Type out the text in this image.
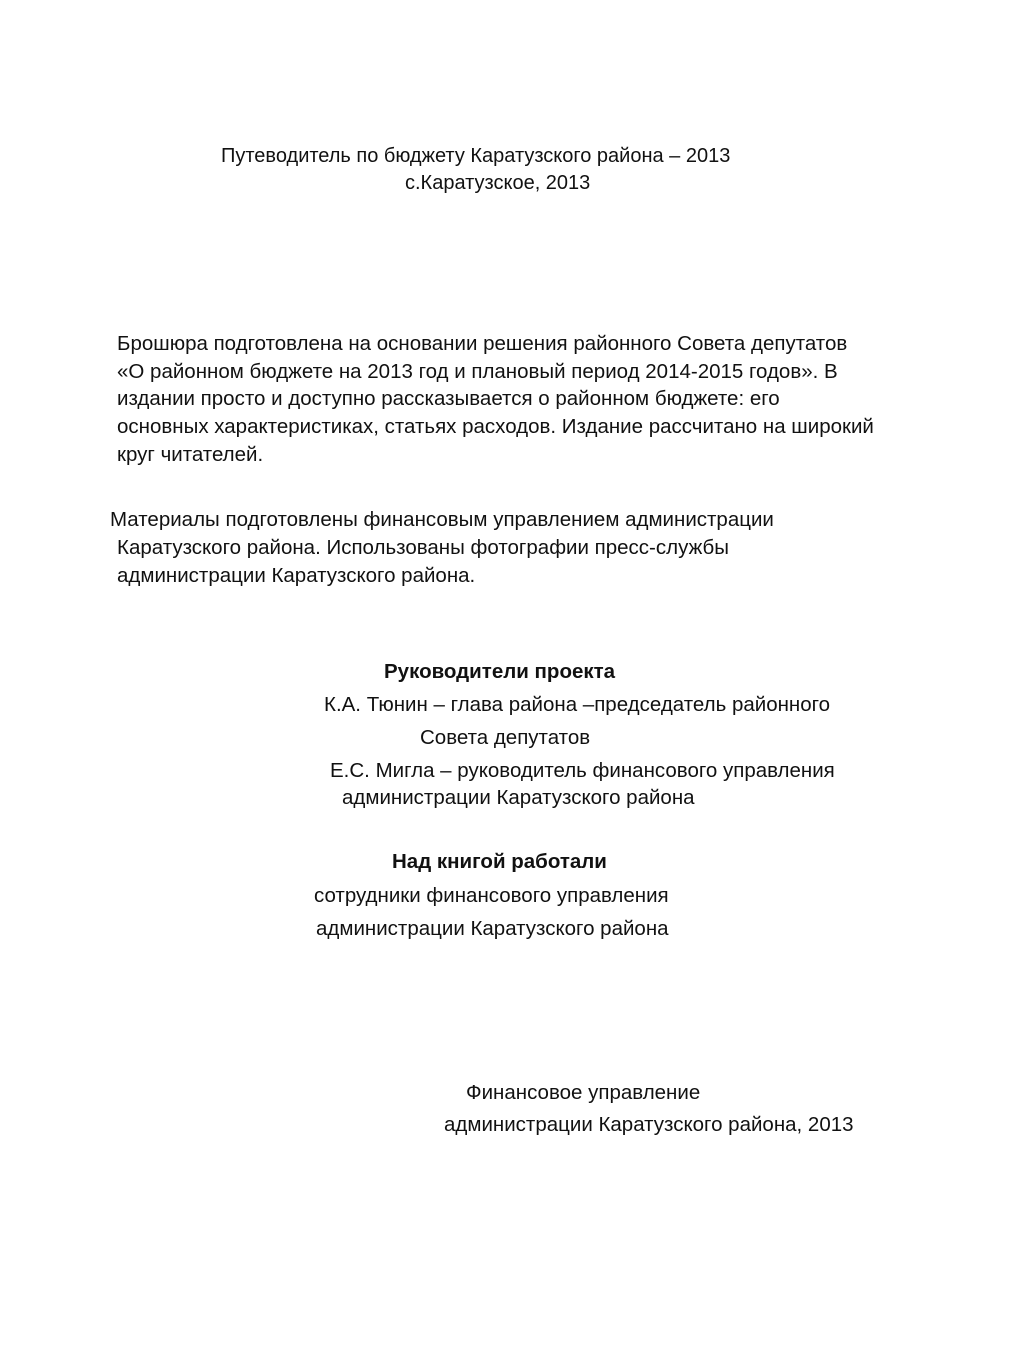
Путеводитель по бюджету Каратузского района – 2013
с.Каратузское, 2013
Брошюра подготовлена на основании решения районного Совета депутатов
«О районном бюджете на 2013 год и плановый период 2014-2015 годов». В
издании просто и доступно рассказывается о районном бюджете: его
основных характеристиках, статьях расходов. Издание рассчитано на широкий
круг читателей.
Материалы подготовлены финансовым управлением администрации
Каратузского района. Использованы фотографии пресс-службы
администрации Каратузского района.
Руководители проекта
К.А. Тюнин – глава района –председатель районного
Совета депутатов
Е.С. Мигла – руководитель финансового управления
администрации Каратузского района
Над книгой работали
сотрудники финансового управления
администрации Каратузского района
Финансовое управление
администрации Каратузского района, 2013
